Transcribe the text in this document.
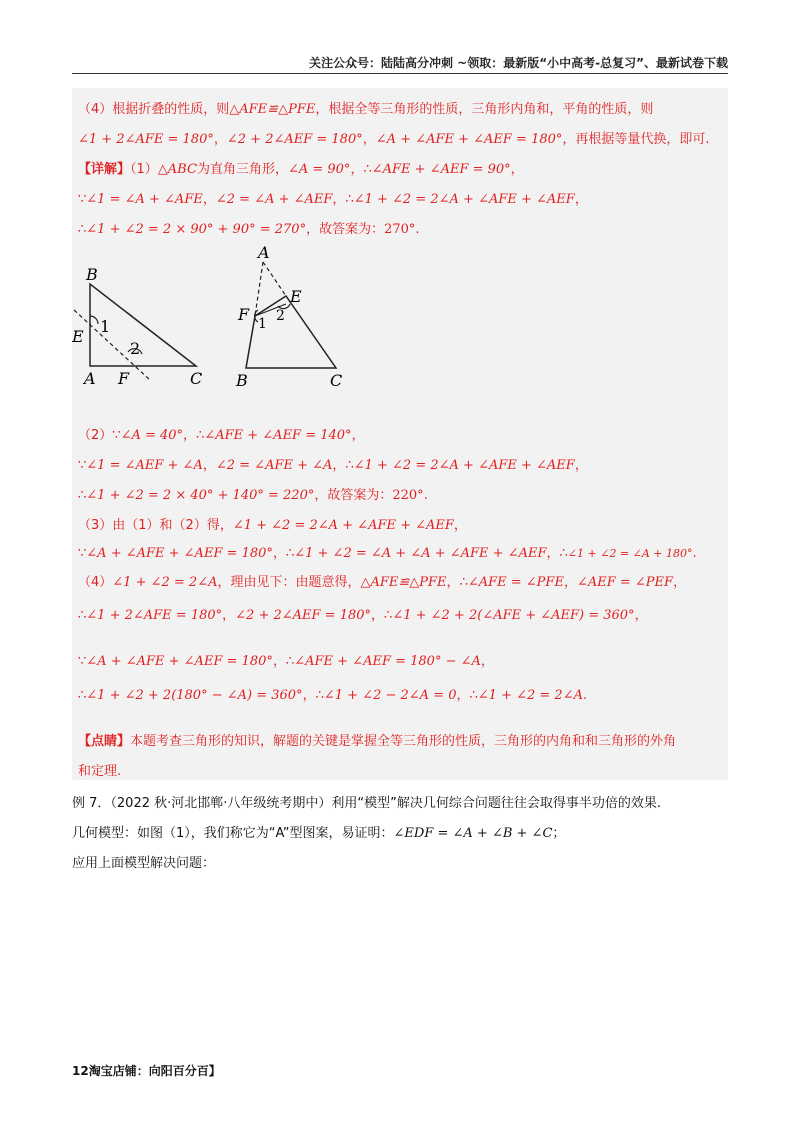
关注公众号：陆陆高分冲刺 ~领取：最新版“小中高考-总复习”、最新试卷下载
（4）根据折叠的性质，则△AFE≌△PFE，根据全等三角形的性质，三角形内角和，平角的性质，则
∠1 + 2∠AFE = 180°，∠2 + 2∠AEF = 180°，∠A + ∠AFE + ∠AEF = 180°，再根据等量代换，即可.
【详解】（1）△ABC为直角三角形，∠A = 90°，∴∠AFE + ∠AEF = 90°，
∵∠1 = ∠A + ∠AFE，∠2 = ∠A + ∠AEF，∴∠1 + ∠2 = 2∠A + ∠AFE + ∠AEF，
∴∠1 + ∠2 = 2 × 90° + 90° = 270°，故答案为：270°.
B
E
A F	C
1
2
A
E
F 1 2
B	C
（2）∵∠A = 40°，∴∠AFE + ∠AEF = 140°，
∵∠1 = ∠AEF + ∠A，∠2 = ∠AFE + ∠A，∴∠1 + ∠2 = 2∠A + ∠AFE + ∠AEF，
∴∠1 + ∠2 = 2 × 40° + 140° = 220°，故答案为：220°.
（3）由（1）和（2）得，∠1 + ∠2 = 2∠A + ∠AFE + ∠AEF，
∵∠A + ∠AFE + ∠AEF = 180°，∴∠1 + ∠2 = ∠A + ∠A + ∠AFE + ∠AEF，∴∠1 + ∠2 = ∠A + 180°.
（4）∠1 + ∠2 = 2∠A，理由见下：由题意得，△AFE≌△PFE，∴∠AFE = ∠PFE，∠AEF = ∠PEF，
∴∠1 + 2∠AFE = 180°，∠2 + 2∠AEF = 180°，∴∠1 + ∠2 + 2(∠AFE + ∠AEF) = 360°，
∵∠A + ∠AFE + ∠AEF = 180°，∴∠AFE + ∠AEF = 180° − ∠A，
∴∠1 + ∠2 + 2(180° − ∠A) = 360°，∴∠1 + ∠2 − 2∠A = 0，∴∠1 + ∠2 = 2∠A.
【点睛】本题考查三角形的知识，解题的关键是掌握全等三角形的性质，三角形的内角和和三角形的外角
和定理.
例 7．（2022 秋·河北邯郸·八年级统考期中）利用“模型”解决几何综合问题往往会取得事半功倍的效果.
几何模型：如图（1），我们称它为“A”型图案，易证明：∠EDF = ∠A + ∠B + ∠C；
应用上面模型解决问题：
12淘宝店铺：向阳百分百】
